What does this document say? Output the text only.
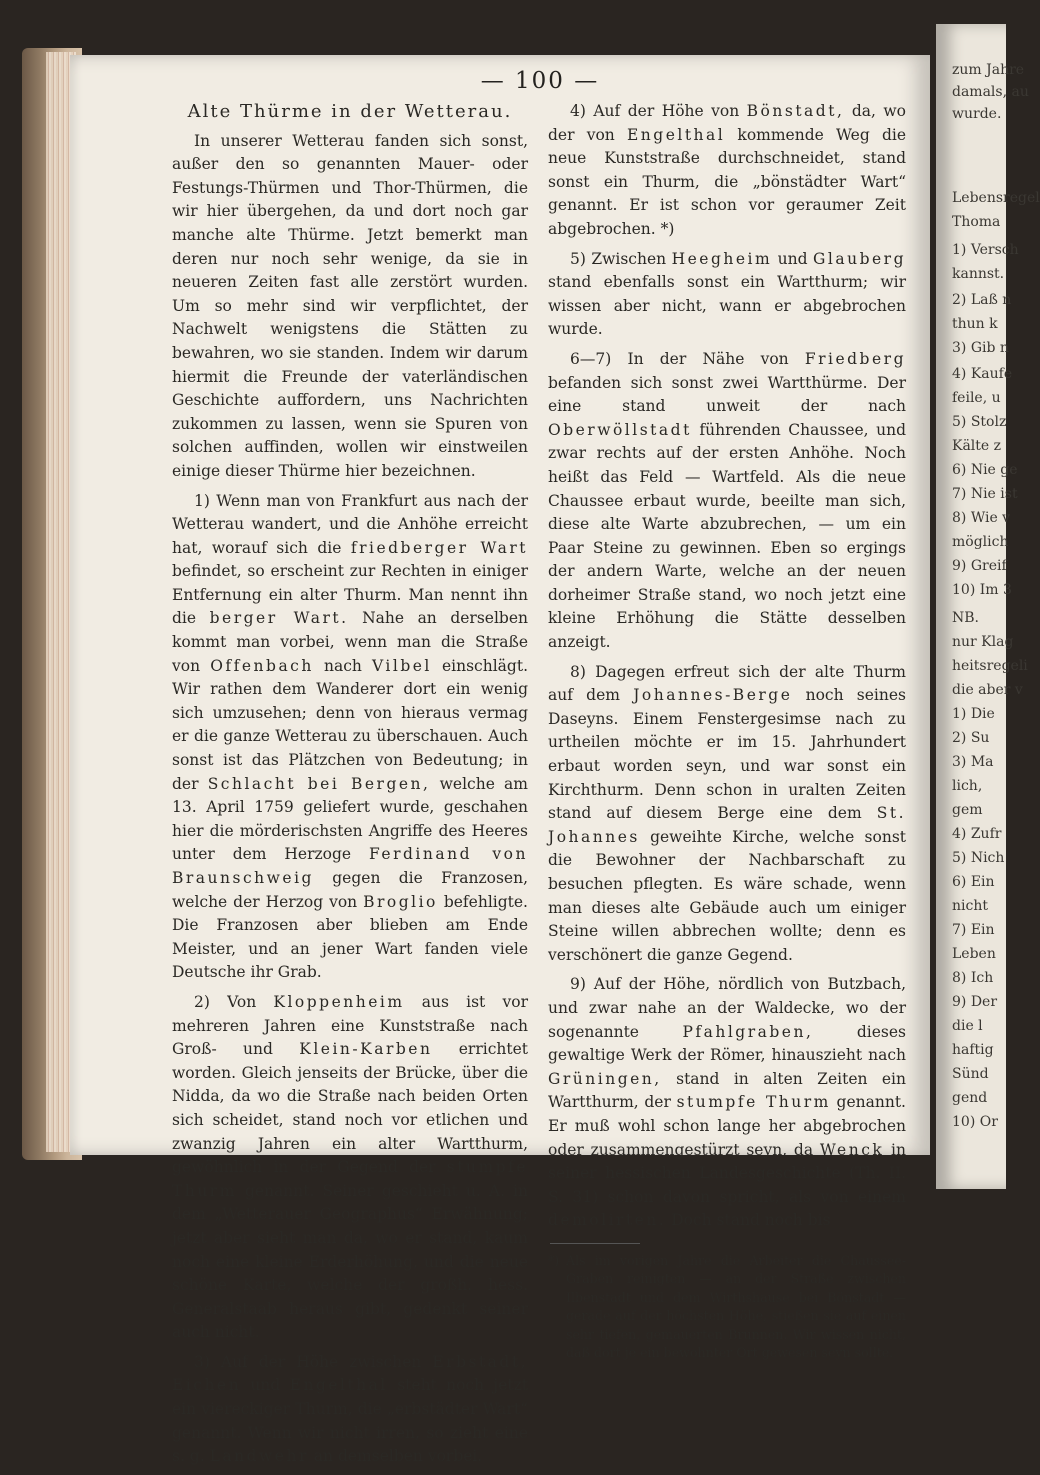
zum Jahre
damals, au
wurde.
Lebensregel
Thoma
1) Versch
kannst.
2) Laß n
thun k
3) Gib n
4) Kaufe
feile, u
5) Stolz
Kälte z
6) Nie ge
7) Nie ist
8) Wie v
möglich
9) Greif
10) Im 3
NB.
nur Klag
heitsregeli
die aber v
1) Die
2) Su
3) Ma
lich,
gem
4) Zufr
5) Nich
6) Ein
nicht
7) Ein
Leben
8) Ich
9) Der
die l
haftig
Sünd
gend
10) Or
— 100 —
Alte Thürme in der Wetterau.

In unserer Wetterau fanden sich sonst, außer den so genannten Mauer- oder Festungs-Thürmen und Thor-Thürmen, die wir hier übergehen, da und dort noch gar manche alte Thürme. Jetzt bemerkt man deren nur noch sehr wenige, da sie in neueren Zeiten fast alle zerstört wurden. Um so mehr sind wir verpflichtet, der Nachwelt wenigstens die Stätten zu bewahren, wo sie standen. Indem wir darum hiermit die Freunde der vaterländischen Geschichte auffordern, uns Nachrichten zukommen zu lassen, wenn sie Spuren von solchen auffinden, wollen wir einstweilen einige dieser Thürme hier bezeichnen.

1) Wenn man von Frankfurt aus nach der Wetterau wandert, und die Anhöhe erreicht hat, worauf sich die friedberger Wart befindet, so erscheint zur Rechten in einiger Entfernung ein alter Thurm. Man nennt ihn die berger Wart. Nahe an derselben kommt man vorbei, wenn man die Straße von Offenbach nach Vilbel einschlägt. Wir rathen dem Wanderer dort ein wenig sich umzusehen; denn von hieraus vermag er die ganze Wetterau zu überschauen. Auch sonst ist das Plätzchen von Bedeutung; in der Schlacht bei Bergen, welche am 13. April 1759 geliefert wurde, geschahen hier die mörderischsten Angriffe des Heeres unter dem Herzoge Ferdinand von Braunschweig gegen die Franzosen, welche der Herzog von Broglio befehligte. Die Franzosen aber blieben am Ende Meister, und an jener Wart fanden viele Deutsche ihr Grab.

2) Von Kloppenheim aus ist vor mehreren Jahren eine Kunststraße nach Groß- und Klein-Karben errichtet worden. Gleich jenseits der Brücke, über die Nidda, da wo die Straße nach beiden Orten sich scheidet, stand noch vor etlichen und zwanzig Jahren ein alter Wartthurm, gewöhnlich in der Gegend der stumpfe Thurm genannt. Seiner geschieht u. A. in dem „Wetterauer Geographus“ Erwähnung; jetzt aber sieht man da, wo er stand, kaum noch eine kleine Erderhöhung, und die neue schöne Karte, welche der großh. hess. Generalstaab heraus gibt, gedenkt seiner auch nicht.

3) Auf der Höhe zwischen Erbstadt, Eichen und Engelthal steht noch jetzt ein viereckiger Thurm, die „erbstädter Wart“ genannt. Wenn wir nicht irren, so zieht eine s. g. Landwehr an demselben vorbei.

4) Auf der Höhe von Bönstadt, da, wo der von Engelthal kommende Weg die neue Kunststraße durchschneidet, stand sonst ein Thurm, die „bönstädter Wart“ genannt. Er ist schon vor geraumer Zeit abgebrochen. *)

5) Zwischen Heegheim und Glauberg stand ebenfalls sonst ein Wartthurm; wir wissen aber nicht, wann er abgebrochen wurde.

6—7) In der Nähe von Friedberg befanden sich sonst zwei Wartthürme. Der eine stand unweit der nach Oberwöllstadt führenden Chaussee, und zwar rechts auf der ersten Anhöhe. Noch heißt das Feld — Wartfeld. Als die neue Chaussee erbaut wurde, beeilte man sich, diese alte Warte abzubrechen, — um ein Paar Steine zu gewinnen. Eben so ergings der andern Warte, welche an der neuen dorheimer Straße stand, wo noch jetzt eine kleine Erhöhung die Stätte desselben anzeigt.

8) Dagegen erfreut sich der alte Thurm auf dem Johannes-Berge noch seines Daseyns. Einem Fenstergesimse nach zu urtheilen möchte er im 15. Jahrhundert erbaut worden seyn, und war sonst ein Kirchthurm. Denn schon in uralten Zeiten stand auf diesem Berge eine dem St. Johannes geweihte Kirche, welche sonst die Bewohner der Nachbarschaft zu besuchen pflegten. Es wäre schade, wenn man dieses alte Gebäude auch um einiger Steine willen abbrechen wollte; denn es verschönert die ganze Gegend.

9) Auf der Höhe, nördlich von Butzbach, und zwar nahe an der Waldecke, wo der sogenannte Pfahlgraben, dieses gewaltige Werk der Römer, hinauszieht nach Grüningen, stand in alten Zeiten ein Wartthurm, der stumpfe Thurm genannt. Er muß wohl schon lange her abgebrochen oder zusammengestürzt seyn, da Wenck in seiner hessischen Landesgeschichte (Th. II. S. 31) schon davon spricht, als von einem demolirten. Doch stand noch bis

*) Als im vorigen Jahre die Arbeiter die Chaussee-Graben reinigten — an der Straße zwischen Ilbenstadt und dem Wirthshause bei Bönstadt — gerade auf der höchsten Höhe, stießen sie auf einen sehr tiefen, gemauerten Brunnen. Wir wissen nicht, daß dort je ein bewohnter Ort gewesen seyn sollte.
